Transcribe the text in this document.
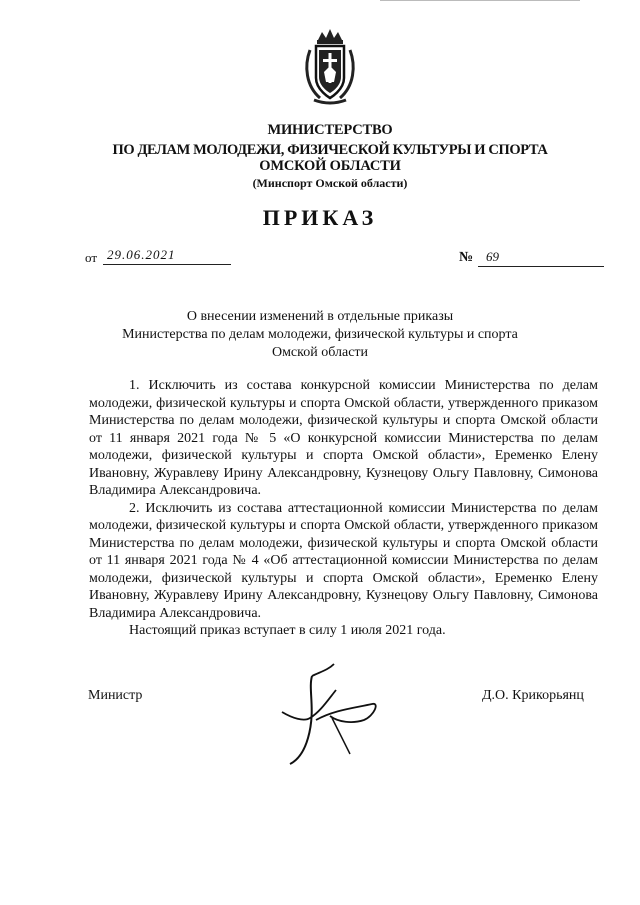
МИНИСТЕРСТВО
ПО ДЕЛАМ МОЛОДЕЖИ, ФИЗИЧЕСКОЙ КУЛЬТУРЫ И СПОРТА
ОМСКОЙ ОБЛАСТИ
(Минспорт Омской области)
ПРИКАЗ
от 29.06.2021	№ 69
О внесении изменений в отдельные приказы
Министерства по делам молодежи, физической культуры и спорта
Омской области

1. Исключить из состава конкурсной комиссии Министерства по делам молодежи, физической культуры и спорта Омской области, утвержденного приказом Министерства по делам молодежи, физической культуры и спорта Омской области от 11 января 2021 года № 5 «О конкурсной комиссии Министерства по делам молодежи, физической культуры и спорта Омской области», Еременко Елену Ивановну, Журавлеву Ирину Александровну, Кузнецову Ольгу Павловну, Симонова Владимира Александровича.

2. Исключить из состава аттестационной комиссии Министерства по делам молодежи, физической культуры и спорта Омской области, утвержденного приказом Министерства по делам молодежи, физической культуры и спорта Омской области от 11 января 2021 года № 4 «Об аттестационной комиссии Министерства по делам молодежи, физической культуры и спорта Омской области», Еременко Елену Ивановну, Журавлеву Ирину Александровну, Кузнецову Ольгу Павловну, Симонова Владимира Александровича.

Настоящий приказ вступает в силу 1 июля 2021 года.

Министр	Д.О. Крикорьянц
